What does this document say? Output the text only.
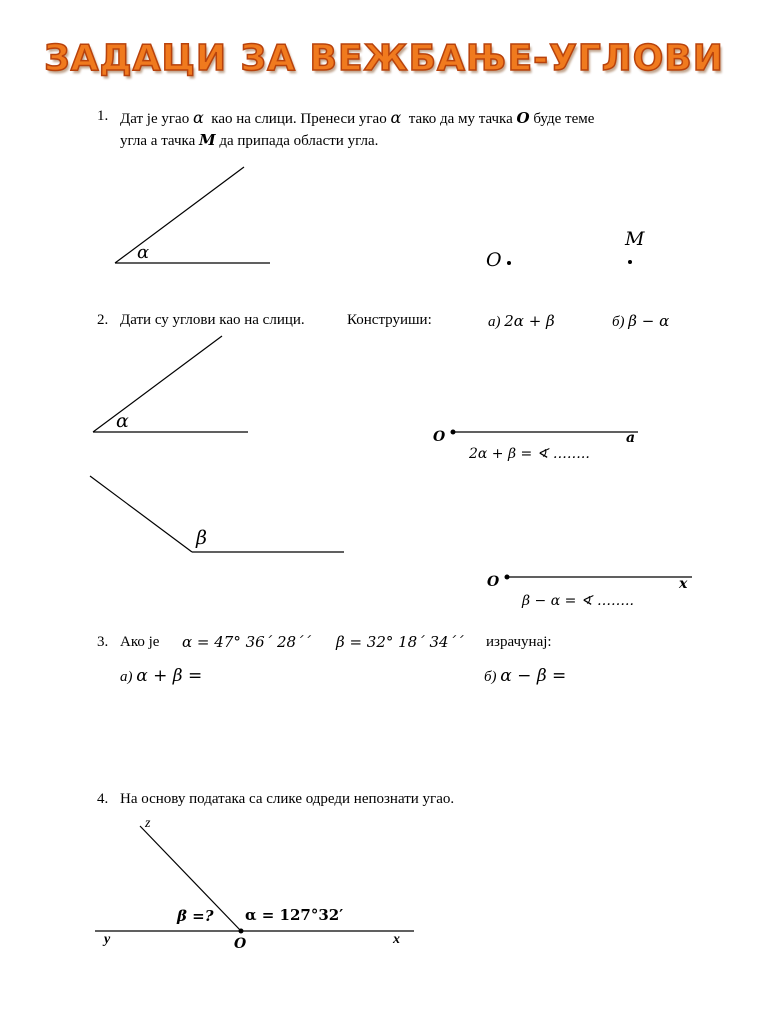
ЗАДАЦИ ЗА ВЕЖБАЊЕ-УГЛОВИ
1. Дат је угао α као на слици. Пренеси угао α тако да му тачка O буде теме
угла а тачка M да припада области угла.
2. Дати су углови као на слици.	Конструиши:	а) 2α + β	б) β − α
3. Ако је α = 47° 36´ 28´´ β = 32° 18´ 34´´ израчунај:
а) α + β =	б) α − β =
4. На основу података са слике одреди непознати угао.
α	O
M
α
β
O	a
2α + β = ∢ ……..
O	x
β − α = ∢ ……..
z
y	x
O
β =? α = 127°32′
